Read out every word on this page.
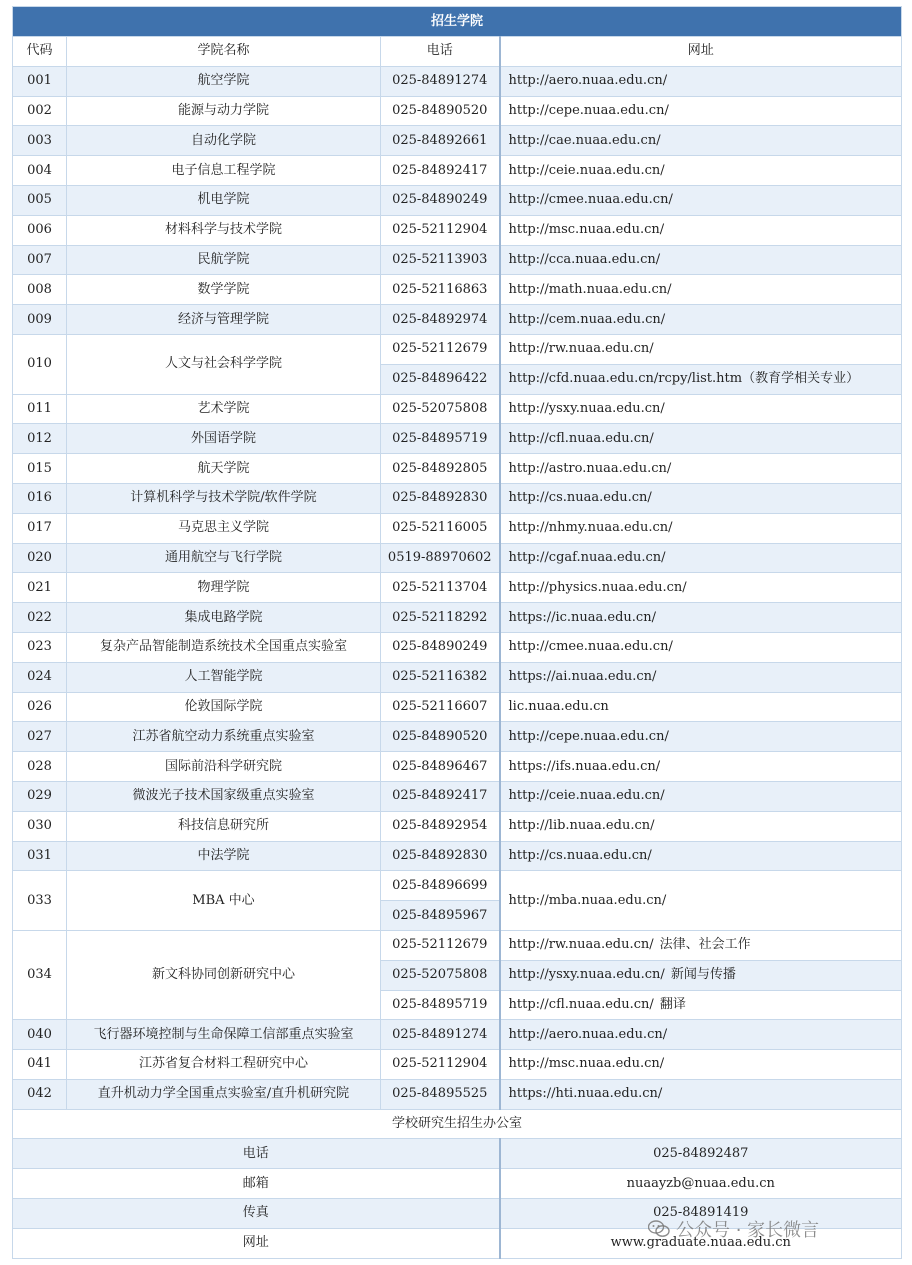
招生学院			
代码	学院名称	电话	网址
001	航空学院	025-84891274	http://aero.nuaa.edu.cn/
002	能源与动力学院	025-84890520	http://cepe.nuaa.edu.cn/
003	自动化学院	025-84892661	http://cae.nuaa.edu.cn/
004	电子信息工程学院	025-84892417	http://ceie.nuaa.edu.cn/
005	机电学院	025-84890249	http://cmee.nuaa.edu.cn/
006	材料科学与技术学院	025-52112904	http://msc.nuaa.edu.cn/
007	民航学院	025-52113903	http://cca.nuaa.edu.cn/
008	数学学院	025-52116863	http://math.nuaa.edu.cn/
009	经济与管理学院	025-84892974	http://cem.nuaa.edu.cn/
010	人文与社会科学学院	025-52112679	http://rw.nuaa.edu.cn/
		025-84896422	http://cfd.nuaa.edu.cn/rcpy/list.htm（教育学相关专业）
011	艺术学院	025-52075808	http://ysxy.nuaa.edu.cn/
012	外国语学院	025-84895719	http://cfl.nuaa.edu.cn/
015	航天学院	025-84892805	http://astro.nuaa.edu.cn/
016	计算机科学与技术学院/软件学院	025-84892830	http://cs.nuaa.edu.cn/
017	马克思主义学院	025-52116005	http://nhmy.nuaa.edu.cn/
020	通用航空与飞行学院	0519-88970602	http://cgaf.nuaa.edu.cn/
021	物理学院	025-52113704	http://physics.nuaa.edu.cn/
022	集成电路学院	025-52118292	https://ic.nuaa.edu.cn/
023	复杂产品智能制造系统技术全国重点实验室	025-84890249	http://cmee.nuaa.edu.cn/
024	人工智能学院	025-52116382	https://ai.nuaa.edu.cn/
026	伦敦国际学院	025-52116607	lic.nuaa.edu.cn
027	江苏省航空动力系统重点实验室	025-84890520	http://cepe.nuaa.edu.cn/
028	国际前沿科学研究院	025-84896467	https://ifs.nuaa.edu.cn/
029	微波光子技术国家级重点实验室	025-84892417	http://ceie.nuaa.edu.cn/
030	科技信息研究所	025-84892954	http://lib.nuaa.edu.cn/
031	中法学院	025-84892830	http://cs.nuaa.edu.cn/
033	MBA 中心	025-84896699	http://mba.nuaa.edu.cn/
		025-84895967	
034	新文科协同创新研究中心	025-52112679	http://rw.nuaa.edu.cn/ 法律、社会工作
		025-52075808	http://ysxy.nuaa.edu.cn/ 新闻与传播
		025-84895719	http://cfl.nuaa.edu.cn/ 翻译
040	飞行器环境控制与生命保障工信部重点实验室	025-84891274	http://aero.nuaa.edu.cn/
041	江苏省复合材料工程研究中心	025-52112904	http://msc.nuaa.edu.cn/
042	直升机动力学全国重点实验室/直升机研究院	025-84895525	https://hti.nuaa.edu.cn/
学校研究生招生办公室			
电话			025-84892487
邮箱			nuaayzb@nuaa.edu.cn
传真			025-84891419
网址			www.graduate.nuaa.edu.cn
公众号 · 家长微言
